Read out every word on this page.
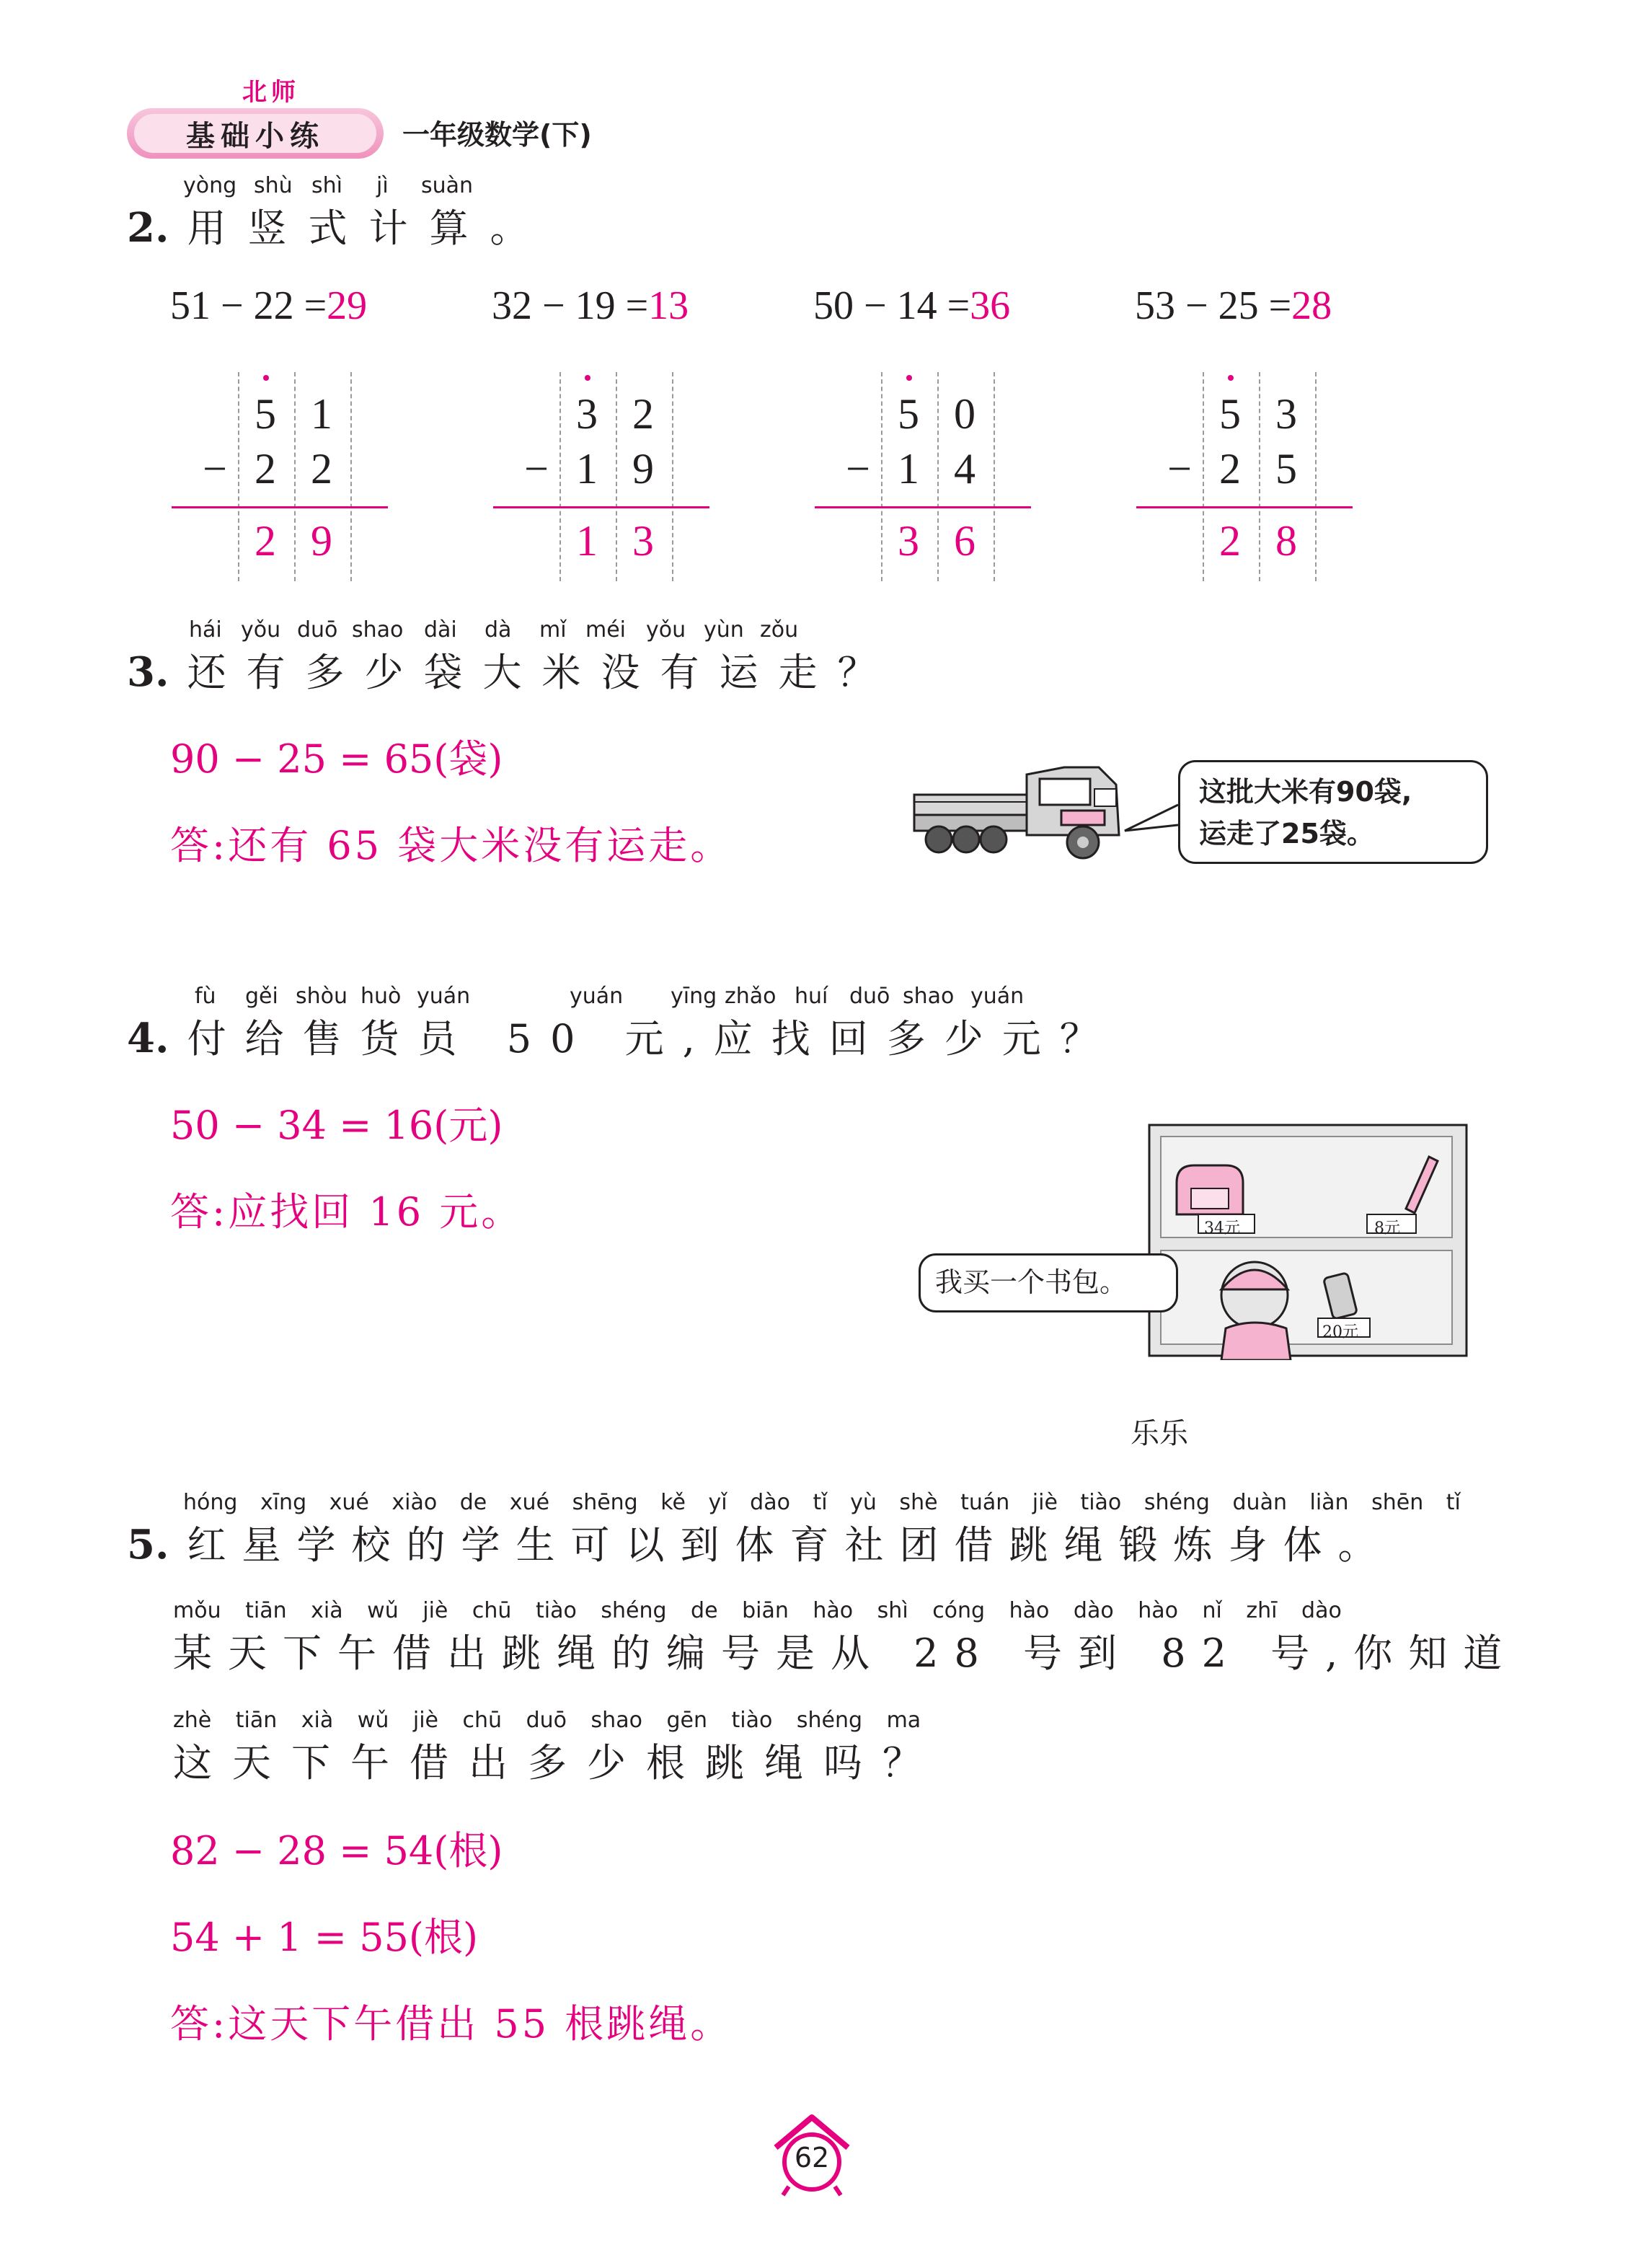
北师
基础小练	一年级数学(下)
yòng shù shì jì suàn
2. 用竖式计算。
51 − 22 =29	32 − 19 =13	50 − 14 =36	53 − 25 =28
5 1
− 2 2
2 9
3 2
− 1 9
1 3
5 0
− 1 4
3 6
5 3
− 2 5
2 8
hái yǒu duō shao dài dà mǐ méi yǒu yùn zǒu
3. 还有多少袋大米没有运走？
90 − 25 = 65(袋)
答:还有 65 袋大米没有运走。
这批大米有90袋,
运走了25袋。
fù gěi shòu huò yuán	yuán yīng zhǎo huí duō shao yuán
4. 付给售货员 50 元,应找回多少元？
50 − 34 = 16(元)
答:应找回 16 元。	34元	8元
20元
我买一个书包。
乐乐
hóng xīng xué xiào de xué shēng kě yǐ dào tǐ yù shè tuán jiè tiào shéng duàn liàn shēn tǐ
5. 红星学校的学生可以到体育社团借跳绳锻炼身体。
mǒu tiān xià wǔ jiè chū tiào shéng de biān hào shì cóng hào dào hào nǐ zhī dào
某天下午借出跳绳的编号是从 28 号到 82 号,你知道
zhè tiān xià wǔ jiè chū duō shao gēn tiào shéng ma
这天下午借出多少根跳绳吗？
82 − 28 = 54(根)
54 + 1 = 55(根)
答:这天下午借出 55 根跳绳。
62
